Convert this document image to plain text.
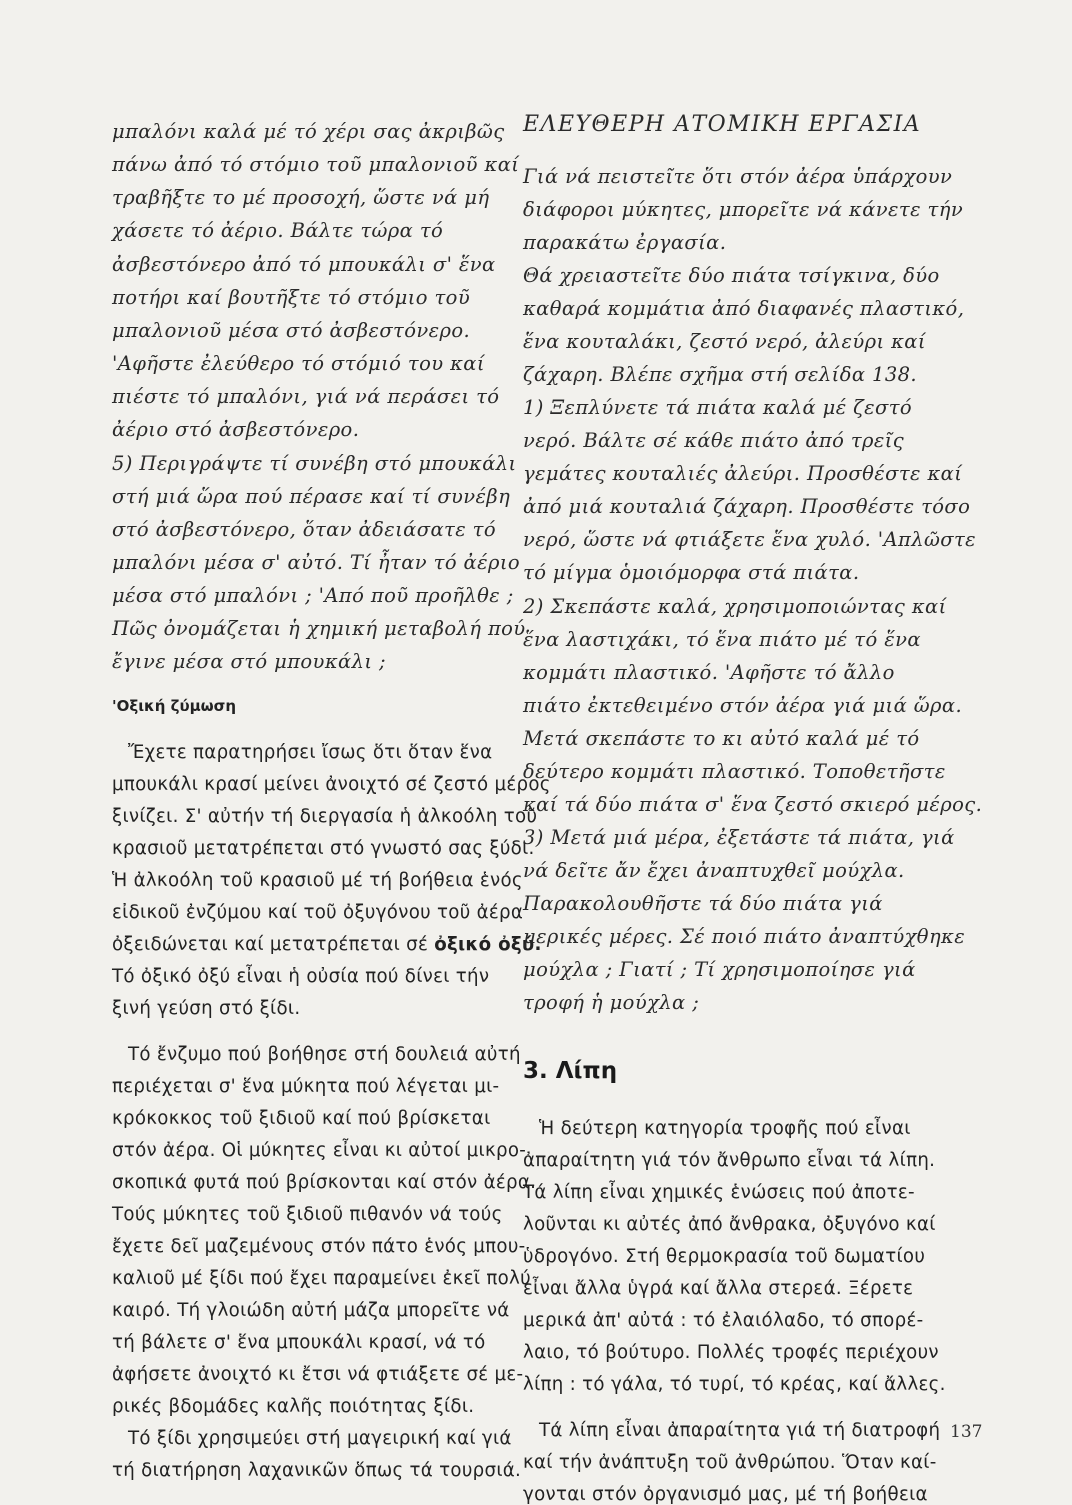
μπαλόνι καλά μέ τό χέρι σας ἀκριβῶς
πάνω ἀπό τό στόμιο τοῦ μπαλονιοῦ καί
τραβῆξτε το μέ προσοχή, ὥστε νά μή
χάσετε τό ἀέριο. Βάλτε τώρα τό
ἀσβεστόνερο ἀπό τό μπουκάλι σ' ἕνα
ποτήρι καί βουτῆξτε τό στόμιο τοῦ
μπαλονιοῦ μέσα στό ἀσβεστόνερο.
'Αφῆστε ἐλεύθερο τό στόμιό του καί
πιέστε τό μπαλόνι, γιά νά περάσει τό
ἀέριο στό ἀσβεστόνερο.
5) Περιγράψτε τί συνέβη στό μπουκάλι
στή μιά ὥρα πού πέρασε καί τί συνέβη
στό ἀσβεστόνερο, ὅταν ἀδειάσατε τό
μπαλόνι μέσα σ' αὐτό. Τί ἦταν τό ἀέριο
μέσα στό μπαλόνι ; 'Από ποῦ προῆλθε ;
Πῶς ὀνομάζεται ἡ χημική μεταβολή πού
ἔγινε μέσα στό μπουκάλι ;
'Οξική ζύμωση
Ἔχετε παρατηρήσει ἴσως ὅτι ὅταν ἕνα
μπουκάλι κρασί μείνει ἀνοιχτό σέ ζεστό μέρος
ξινίζει. Σ' αὐτήν τή διεργασία ἡ ἀλκοόλη τοῦ
κρασιοῦ μετατρέπεται στό γνωστό σας ξύδι.
Ἡ ἀλκοόλη τοῦ κρασιοῦ μέ τή βοήθεια ἑνός
εἰδικοῦ ἐνζύμου καί τοῦ ὀξυγόνου τοῦ ἀέρα
ὀξειδώνεται καί μετατρέπεται σέ ὀξικό ὀξύ.
Τό ὀξικό ὀξύ εἶναι ἡ οὐσία πού δίνει τήν
ξινή γεύση στό ξίδι.
Τό ἔνζυμο πού βοήθησε στή δουλειά αὐτή
περιέχεται σ' ἕνα μύκητα πού λέγεται μι-
κρόκοκκος τοῦ ξιδιοῦ καί πού βρίσκεται
στόν ἀέρα. Οἱ μύκητες εἶναι κι αὐτοί μικρο-
σκοπικά φυτά πού βρίσκονται καί στόν ἀέρα.
Τούς μύκητες τοῦ ξιδιοῦ πιθανόν νά τούς
ἔχετε δεῖ μαζεμένους στόν πάτο ἑνός μπου-
καλιοῦ μέ ξίδι πού ἔχει παραμείνει ἐκεῖ πολύ
καιρό. Τή γλοιώδη αὐτή μάζα μπορεῖτε νά
τή βάλετε σ' ἕνα μπουκάλι κρασί, νά τό
ἀφήσετε ἀνοιχτό κι ἔτσι νά φτιάξετε σέ με-
ρικές βδομάδες καλῆς ποιότητας ξίδι.
Τό ξίδι χρησιμεύει στή μαγειρική καί γιά
τή διατήρηση λαχανικῶν ὅπως τά τουρσιά.
ΕΛΕΥΘΕΡΗ ΑΤΟΜΙΚΗ ΕΡΓΑΣΙΑ
Γιά νά πειστεῖτε ὅτι στόν ἀέρα ὑπάρχουν
διάφοροι μύκητες, μπορεῖτε νά κάνετε τήν
παρακάτω ἐργασία.
Θά χρειαστεῖτε δύο πιάτα τσίγκινα, δύο
καθαρά κομμάτια ἀπό διαφανές πλαστικό,
ἕνα κουταλάκι, ζεστό νερό, ἀλεύρι καί
ζάχαρη. Βλέπε σχῆμα στή σελίδα 138.
1) Ξεπλύνετε τά πιάτα καλά μέ ζεστό
νερό. Βάλτε σέ κάθε πιάτο ἀπό τρεῖς
γεμάτες κουταλιές ἀλεύρι. Προσθέστε καί
ἀπό μιά κουταλιά ζάχαρη. Προσθέστε τόσο
νερό, ὥστε νά φτιάξετε ἕνα χυλό. 'Απλῶστε
τό μίγμα ὁμοιόμορφα στά πιάτα.
2) Σκεπάστε καλά, χρησιμοποιώντας καί
ἕνα λαστιχάκι, τό ἕνα πιάτο μέ τό ἕνα
κομμάτι πλαστικό. 'Αφῆστε τό ἄλλο
πιάτο ἐκτεθειμένο στόν ἀέρα γιά μιά ὥρα.
Μετά σκεπάστε το κι αὐτό καλά μέ τό
δεύτερο κομμάτι πλαστικό. Τοποθετῆστε
καί τά δύο πιάτα σ' ἕνα ζεστό σκιερό μέρος.
3) Μετά μιά μέρα, ἐξετάστε τά πιάτα, γιά
νά δεῖτε ἄν ἔχει ἀναπτυχθεῖ μούχλα.
Παρακολουθῆστε τά δύο πιάτα γιά
μερικές μέρες. Σέ ποιό πιάτο ἀναπτύχθηκε
μούχλα ; Γιατί ; Τί χρησιμοποίησε γιά
τροφή ἡ μούχλα ;
3. Λίπη
Ἡ δεύτερη κατηγορία τροφῆς πού εἶναι
ἀπαραίτητη γιά τόν ἄνθρωπο εἶναι τά λίπη.
Τά λίπη εἶναι χημικές ἑνώσεις πού ἀποτε-
λοῦνται κι αὐτές ἀπό ἄνθρακα, ὀξυγόνο καί
ὑδρογόνο. Στή θερμοκρασία τοῦ δωματίου
εἶναι ἄλλα ὑγρά καί ἄλλα στερεά. Ξέρετε
μερικά ἀπ' αὐτά : τό ἐλαιόλαδο, τό σπορέ-
λαιο, τό βούτυρο. Πολλές τροφές περιέχουν
λίπη : τό γάλα, τό τυρί, τό κρέας, καί ἄλλες.
Τά λίπη εἶναι ἀπαραίτητα γιά τή διατροφή
καί τήν ἀνάπτυξη τοῦ ἀνθρώπου. Ὅταν καί-
γονται στόν ὀργανισμό μας, μέ τή βοήθεια
137
